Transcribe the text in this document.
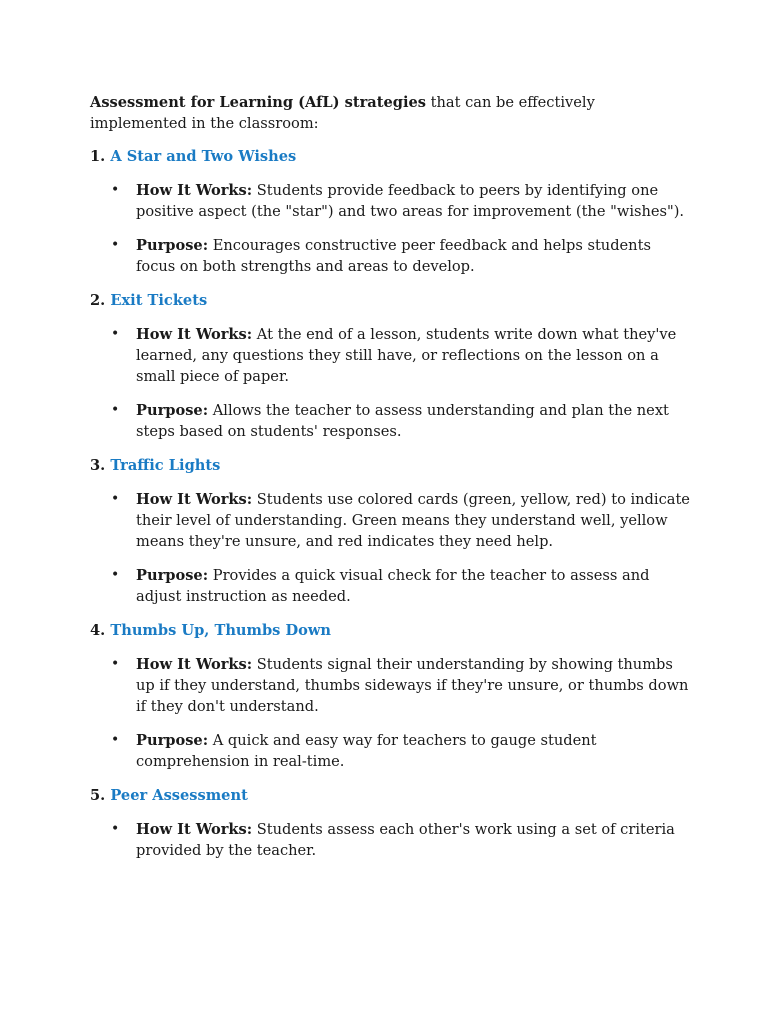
Assessment for Learning (AfL) strategies that can be effectively implemented in the classroom:

1. A Star and Two Wishes

• How It Works: Students provide feedback to peers by identifying one positive aspect (the "star") and two areas for improvement (the "wishes").
• Purpose: Encourages constructive peer feedback and helps students focus on both strengths and areas to develop.

2. Exit Tickets

• How It Works: At the end of a lesson, students write down what they've learned, any questions they still have, or reflections on the lesson on a small piece of paper.
• Purpose: Allows the teacher to assess understanding and plan the next steps based on students' responses.

3. Traffic Lights

• How It Works: Students use colored cards (green, yellow, red) to indicate their level of understanding. Green means they understand well, yellow means they're unsure, and red indicates they need help.
• Purpose: Provides a quick visual check for the teacher to assess and adjust instruction as needed.

4. Thumbs Up, Thumbs Down

• How It Works: Students signal their understanding by showing thumbs up if they understand, thumbs sideways if they're unsure, or thumbs down if they don't understand.
• Purpose: A quick and easy way for teachers to gauge student comprehension in real-time.

5. Peer Assessment

• How It Works: Students assess each other's work using a set of criteria provided by the teacher.
